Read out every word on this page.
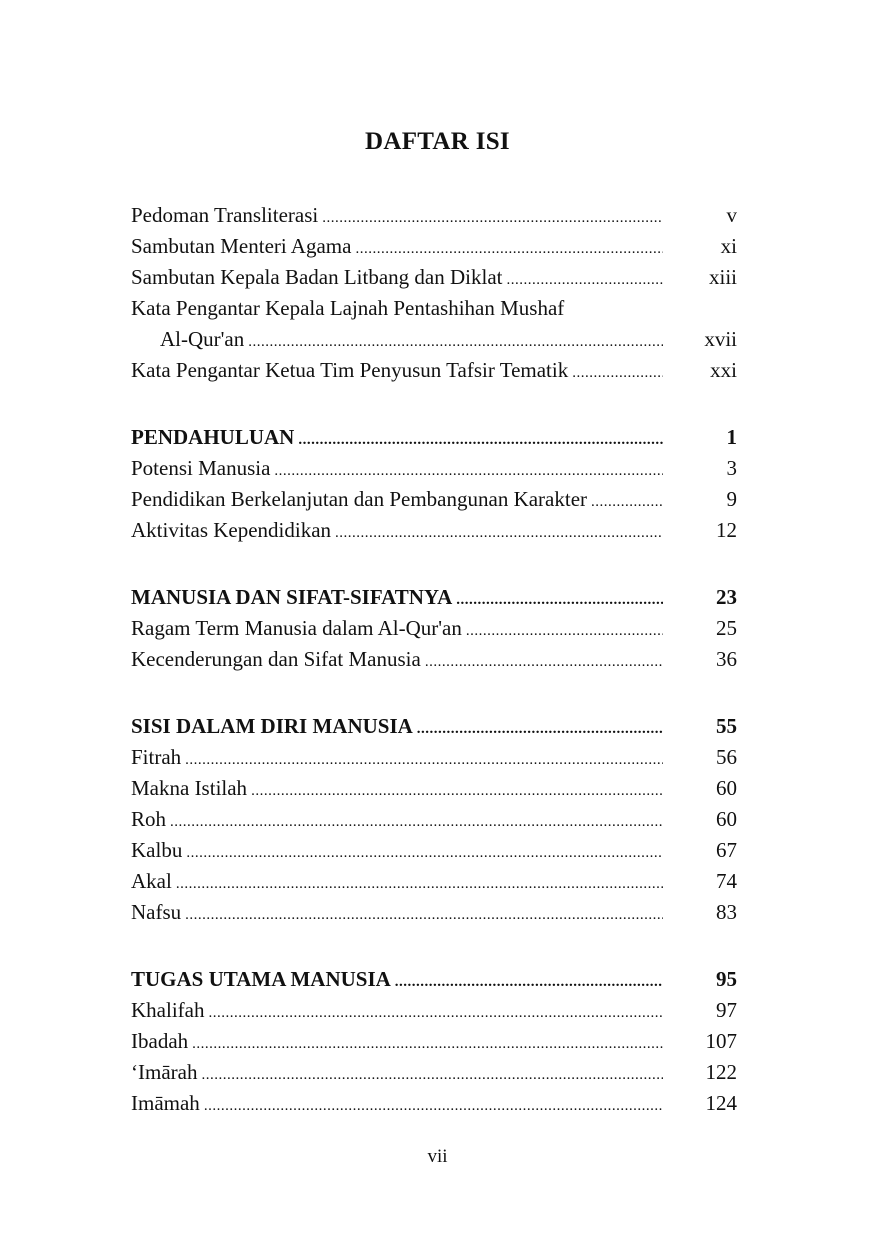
DAFTAR ISI
Pedoman Transliterasi .....	v
Sambutan Menteri Agama .....	xi
Sambutan Kepala Badan Litbang dan Diklat .....	xiii
Kata Pengantar Kepala Lajnah Pentashihan Mushaf
Al-Qur'an .....	xvii
Kata Pengantar Ketua Tim Penyusun Tafsir Tematik .....	xxi
PENDAHULUAN .....	1
Potensi Manusia .....	3
Pendidikan Berkelanjutan dan Pembangunan Karakter .....	9
Aktivitas Kependidikan .....	12
MANUSIA DAN SIFAT-SIFATNYA .....	23
Ragam Term Manusia dalam Al-Qur'an .....	25
Kecenderungan dan Sifat Manusia .....	36
SISI DALAM DIRI MANUSIA .....	55
Fitrah .....	56
Makna Istilah .....	60
Roh .....	60
Kalbu .....	67
Akal .....	74
Nafsu .....	83
TUGAS UTAMA MANUSIA .....	95
Khalifah .....	97
Ibadah .....	107
‘Imārah .....	122
Imāmah .....	124
vii
